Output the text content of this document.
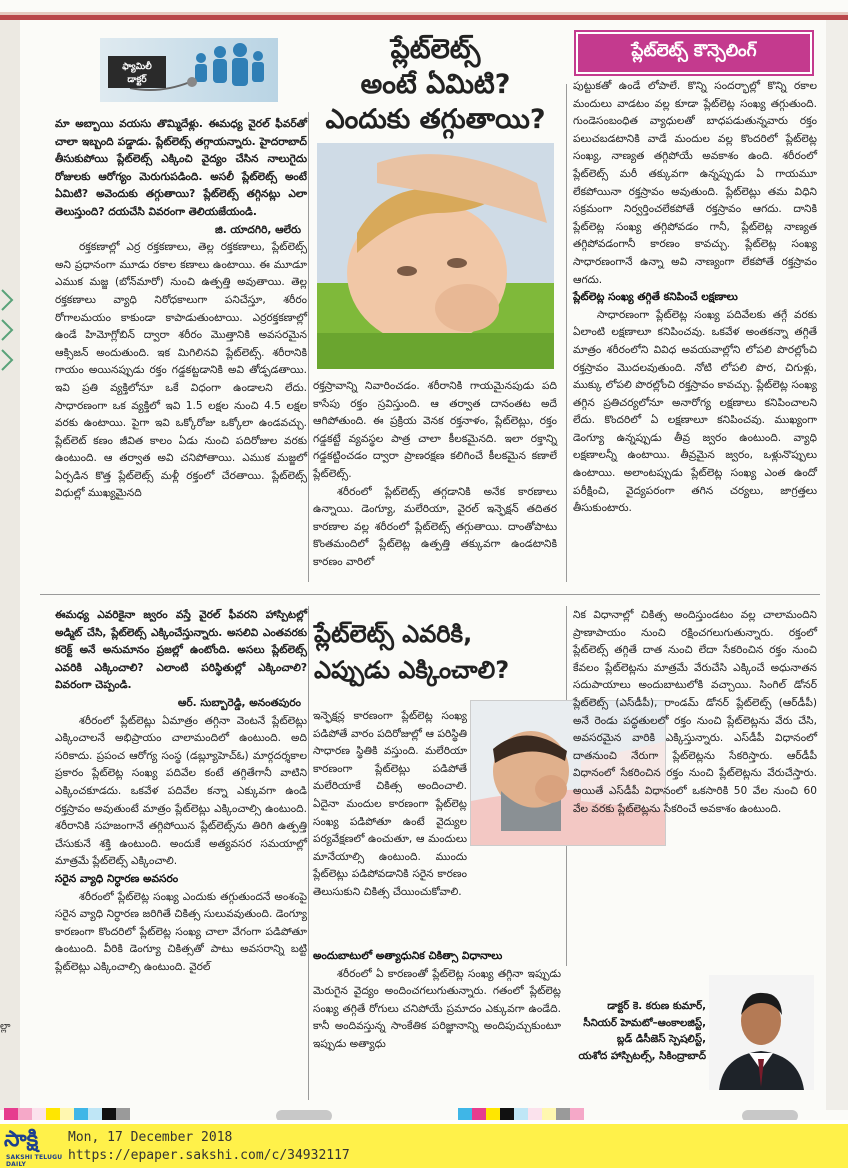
ల్లా
ఫ్యామిలీ
డాక్టర్

మా అబ్బాయి వయసు తొమ్మిదేళ్లు. ఈమధ్య వైరల్ ఫీవర్‌తో చాలా ఇబ్బంది పడ్డాడు. ప్లేట్‌లెట్స్ తగ్గాయన్నారు. హైదరాబాద్ తీసుకుపోయి ప్లేట్‌లెట్స్ ఎక్కించి వైద్యం చేసిన నాలుగైదు రోజులకు ఆరోగ్యం మెరుగుపడింది. అసలీ ప్లేట్‌లెట్స్ అంటే ఏమిటి? అవెందుకు తగ్గుతాయి? ప్లేట్‌లెట్స్ తగ్గినట్లు ఎలా తెలుస్తుంది? దయచేసి వివరంగా తెలియజేయండి.

జి. యాదగిరి, ఆలేరు

రక్తకణాల్లో ఎర్ర రక్తకణాలు, తెల్ల రక్తకణాలు, ప్లేట్‌లెట్స్ అని ప్రధానంగా మూడు రకాల కణాలు ఉంటాయి. ఈ మూడూ ఎముక మజ్జ (బోన్‌మారో) నుంచి ఉత్పత్తి అవుతాయి. తెల్ల రక్తకణాలు వ్యాధి నిరోధకాలుగా పనిచేస్తూ, శరీరం రోగాలమయం కాకుండా కాపాడుతుంటాయి. ఎర్రరక్తకణాల్లో ఉండే హిమోగ్లోబిన్ ద్వారా శరీరం మొత్తానికి అవసరమైన ఆక్సిజన్ అందుతుంది. ఇక మిగిలినవి ప్లేట్‌లెట్స్. శరీరానికి గాయం అయినప్పుడు రక్తం గడ్డకట్టడానికి అవి తోడ్పడతాయి. ఇవి ప్రతి వ్యక్తిలోనూ ఒకే విధంగా ఉండాలని లేదు. సాధారణంగా ఒక వ్యక్తిలో ఇవి 1.5 లక్షల నుంచి 4.5 లక్షల వరకు ఉంటాయి. పైగా ఇవి ఒక్కోరోజు ఒక్కోలా ఉండవచ్చు. ప్లేట్‌లెట్ కణం జీవిత కాలం ఏడు నుంచి పదిరోజుల వరకు ఉంటుంది. ఆ తర్వాత అవి చనిపోతాయి. ఎముక మజ్జలో ఏర్పడిన కొత్త ప్లేట్‌లెట్స్ మళ్లీ రక్తంలో చేరతాయి. ప్లేట్‌లెట్స్ విధుల్లో ముఖ్యమైనది

ప్లేట్‌లెట్స్
అంటే ఏమిటి?
ఎందుకు తగ్గుతాయి?

రక్తస్రావాన్ని నివారించడం. శరీరానికి గాయమైనపుడు పది కాసేపు రక్తం స్రవిస్తుంది. ఆ తర్వాత దానంతట అదే ఆగిపోతుంది. ఈ ప్రక్రియ వెనక రక్తనాళం, ప్లేట్‌లెట్లు, రక్తం గడ్డకట్టే వ్యవస్థల పాత్ర చాలా కీలకమైనది. ఇలా రక్తాన్ని గడ్డకట్టించడం ద్వారా ప్రాణరక్షణ కలిగించే కీలకమైన కణాలే ప్లేట్‌లెట్స్.

శరీరంలో ప్లేట్‌లెట్స్ తగ్గడానికి అనేక కారణాలు ఉన్నాయి. డెంగ్యూ, మలేరియా, వైరల్ ఇన్ఫెక్షన్ తదితర కారణాల వల్ల శరీరంలో ప్లేట్‌లెట్స్ తగ్గుతాయి. దాంతోపాటు కొంతమందిలో ప్లేట్‌లెట్ల ఉత్పత్తి తక్కువగా ఉండటానికి కారణం వారిలో

ప్లేట్‌లెట్స్ కౌన్సెలింగ్

పుట్టుకతో ఉండే లోపాలే. కొన్ని సందర్భాల్లో కొన్ని రకాల మందులు వాడటం వల్ల కూడా ప్లేట్‌లెట్ల సంఖ్య తగ్గుతుంది. గుండెసంబంధిత వ్యాధులతో బాధపడుతున్నవారు రక్తం పలుచబడటానికి వాడే మందుల వల్ల కొందరిలో ప్లేట్‌లెట్ల సంఖ్య, నాణ్యత తగ్గిపోయే అవకాశం ఉంది. శరీరంలో ప్లేట్‌లెట్స్ మరీ తక్కువగా ఉన్నప్పుడు ఏ గాయమూ లేకపోయినా రక్తస్రావం అవుతుంది. ప్లేట్‌లెట్లు తమ విధిని సక్రమంగా నిర్వర్తించలేకపోతే రక్తస్రావం ఆగదు. దానికి ప్లేట్‌లెట్ల సంఖ్య తగ్గిపోవడం గానీ, ప్లేట్‌లెట్ల నాణ్యత తగ్గిపోవడంగానీ కారణం కావచ్చు. ప్లేట్‌లెట్ల సంఖ్య సాధారణంగానే ఉన్నా అవి నాణ్యంగా లేకపోతే రక్తస్రావం ఆగదు.

ప్లేట్‌లెట్ల సంఖ్య తగ్గితే కనిపించే లక్షణాలు

సాధారణంగా ప్లేట్‌లెట్ల సంఖ్య పదివేలకు తగ్గే వరకు ఏలాంటి లక్షణాలూ కనిపించవు. ఒకవేళ అంతకన్నా తగ్గితే మాత్రం శరీరంలోని వివిధ అవయవాల్లోని లోపలి పొరల్లోంచి రక్తస్రావం మొదలవుతుంది. నోటి లోపలి పొర, చిగుళ్లు, ముక్కు లోపలి పొరల్లోంచి రక్తస్రావం కావచ్చు. ప్లేట్‌లెట్ల సంఖ్య తగ్గిన ప్రతిచర్యలోనూ అనారోగ్య లక్షణాలు కనిపించాలని లేదు. కొందరిలో ఏ లక్షణాలూ కనిపించవు. ముఖ్యంగా డెంగ్యూ ఉన్నప్పుడు తీవ్ర జ్వరం ఉంటుంది. వ్యాధి లక్షణాలన్నీ ఉంటాయి. తీవ్రమైన జ్వరం, ఒళ్లునొప్పులు ఉంటాయి. అలాంటప్పుడు ప్లేట్‌లెట్ల సంఖ్య ఎంత ఉందో పరీక్షించి, వైద్యపరంగా తగిన చర్యలు, జాగ్రత్తలు తీసుకుంటారు.

ఈమధ్య ఎవరికైనా జ్వరం వస్తే వైరల్ ఫీవరని హాస్పిటల్లో అడ్మిట్ చేసి, ప్లేట్‌లెట్స్ ఎక్కించేస్తున్నారు. అసలివి ఎంతవరకు కరెక్ట్ అనే అనుమానం ప్రజల్లో ఉంటోంది. అసలు ప్లేట్‌లెట్స్ ఎవరికి ఎక్కించాలి? ఎలాంటి పరిస్థితుల్లో ఎక్కించాలి? వివరంగా చెప్పండి.

ఆర్. సుబ్బారెడ్డి, అనంతపురం

శరీరంలో ప్లేట్‌లెట్లు ఏమాత్రం తగ్గినా వెంటనే ప్లేట్‌లెట్లు ఎక్కించాలనే అభిప్రాయం చాలామందిలో ఉంటుంది. అది సరికాదు. ప్రపంచ ఆరోగ్య సంస్థ (డబ్ల్యూహెచ్‌ఓ) మార్గదర్శకాల ప్రకారం ప్లేట్‌లెట్ల సంఖ్య పదివేల కంటే తగ్గితేగానీ వాటిని ఎక్కించకూడదు. ఒకవేళ పదివేల కన్నా ఎక్కువగా ఉండి రక్తస్రావం అవుతుంటే మాత్రం ప్లేట్‌లెట్లు ఎక్కించాల్సి ఉంటుంది. శరీరానికి సహజంగానే తగ్గిపోయిన ప్లేట్‌లెట్స్‌ను తిరిగి ఉత్పత్తి చేసుకునే శక్తి ఉంటుంది. అందుకే అత్యవసర సమయాల్లో మాత్రమే ప్లేట్‌లెట్స్ ఎక్కించాలి.

సరైన వ్యాధి నిర్ధారణ అవసరం

శరీరంలో ప్లేట్‌లెట్ల సంఖ్య ఎందుకు తగ్గుతుందనే అంశంపై సరైన వ్యాధి నిర్ధారణ జరిగితే చికిత్స సులువవుతుంది. డెంగ్యూ కారణంగా కొందరిలో ప్లేట్‌లెట్ల సంఖ్య చాలా వేగంగా పడిపోతూ ఉంటుంది. వీరికి డెంగ్యూ చికిత్సతో పాటు అవసరాన్ని బట్టి ప్లేట్‌లెట్లు ఎక్కించాల్సి ఉంటుంది. వైరల్

ప్లేట్‌లెట్స్ ఎవరికి,
ఎప్పుడు ఎక్కించాలి?

ఇన్ఫెక్షన్ల కారణంగా ప్లేట్‌లెట్ల సంఖ్య పడిపోతే వారం పదిరోజుల్లో ఆ పరిస్థితి సాధారణ స్థితికి వస్తుంది. మలేరియా కారణంగా ప్లేట్‌లెట్లు పడిపోతే మలేరియాకే చికిత్స అందించాలి. ఏదైనా మందుల కారణంగా ప్లేట్‌లెట్ల సంఖ్య పడిపోతూ ఉంటే వైద్యుల పర్యవేక్షణలో ఉంచుతూ, ఆ మందులు మానేయాల్సి ఉంటుంది. ముందు ప్లేట్‌లెట్లు పడిపోవడానికి సరైన కారణం తెలుసుకుని చికిత్స చేయించుకోవాలి.

అందుబాటులో అత్యాధునిక చికిత్సా విధానాలు

శరీరంలో ఏ కారణంతో ప్లేట్‌లెట్ల సంఖ్య తగ్గినా ఇప్పుడు మెరుగైన వైద్యం అందించగలుగుతున్నారు. గతంలో ప్లేట్‌లెట్ల సంఖ్య తగ్గితే రోగులు చనిపోయే ప్రమాదం ఎక్కువగా ఉండేది. కానీ అందివస్తున్న సాంకేతిక పరిజ్ఞానాన్ని అందిపుచ్చుకుంటూ ఇప్పుడు అత్యాధు

నిక విధానాల్లో చికిత్స అందిస్తుండటం వల్ల చాలామందిని ప్రాణాపాయం నుంచి రక్షించగలుగుతున్నారు. రక్తంలో ప్లేట్‌లెట్స్ తగ్గితే దాత నుంచి లేదా సేకరించిన రక్తం నుంచి కేవలం ప్లేట్‌లెట్లను మాత్రమే వేరుచేసి ఎక్కించే అధునాతన సదుపాయాలు అందుబాటులోకి వచ్చాయి. సింగిల్ డోనర్ ప్లేట్‌లెట్స్ (ఎస్‌డీపీ), రాండమ్ డోనర్ ప్లేట్‌లెట్స్ (ఆర్‌డీపీ) అనే రెండు పద్ధతులలో రక్తం నుంచి ప్లేట్‌లెట్లను వేరు చేసి, అవసరమైన వారికి ఎక్కిస్తున్నారు. ఎస్‌డీపీ విధానంలో దాతనుంచి నేరుగా ప్లేట్‌లెట్లను సేకరిస్తారు. ఆర్‌డీపీ విధానంలో సేకరించిన రక్తం నుంచి ప్లేట్‌లెట్లను వేరుచేస్తారు. అయితే ఎస్‌డీపీ విధానంలో ఒకసారికి 50 వేల నుంచి 60 వేల వరకు ప్లేట్‌లెట్లను సేకరించే అవకాశం ఉంటుంది.

డాక్టర్ కె. కరుణ కుమార్,
సీనియర్ హెమటో–ఆంకాలజిస్ట్,
బ్లడ్ డిసీజెస్ స్పెషలిస్ట్,
యశోద హాస్పిటల్స్, సికింద్రాబాద్
సాక్షి
SAKSHI TELUGU DAILY
Mon, 17 December 2018
https://epaper.sakshi.com/c/34932117
